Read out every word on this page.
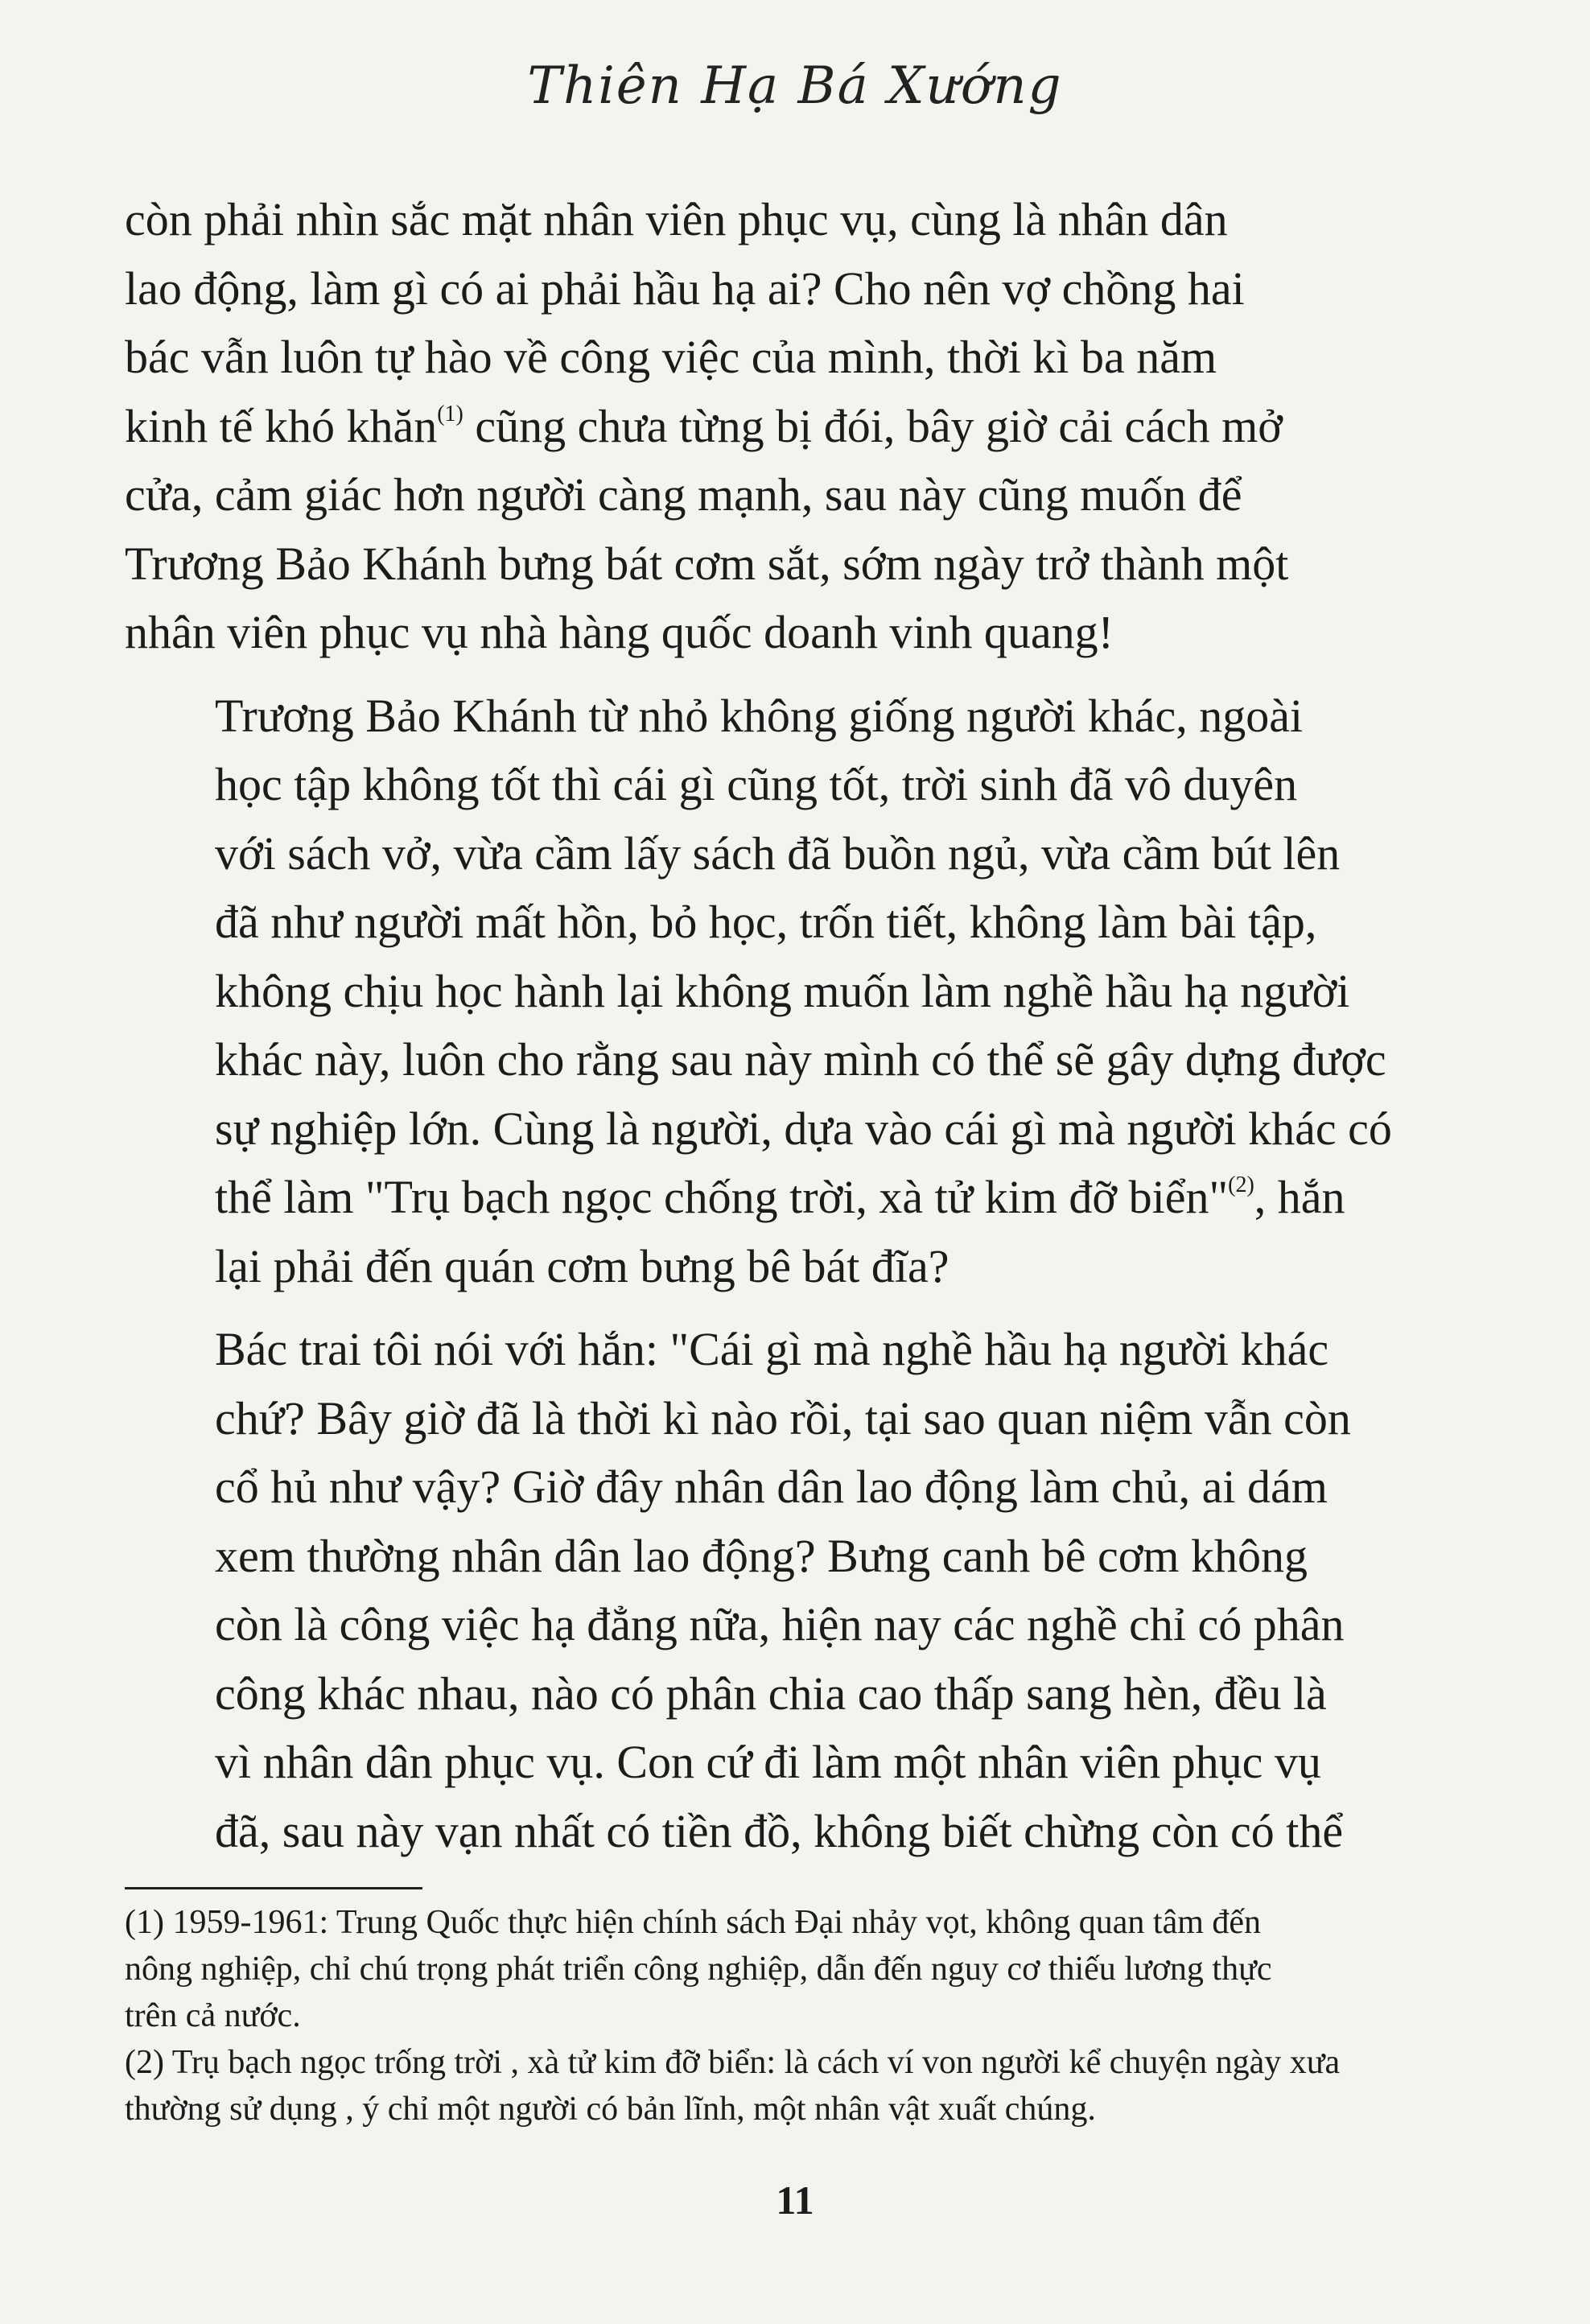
Thiên Hạ Bá Xướng

còn phải nhìn sắc mặt nhân viên phục vụ, cùng là nhân dân
lao động, làm gì có ai phải hầu hạ ai? Cho nên vợ chồng hai
bác vẫn luôn tự hào về công việc của mình, thời kì ba năm
kinh tế khó khăn$^{(1)}$ cũng chưa từng bị đói, bây giờ cải cách mở
cửa, cảm giác hơn người càng mạnh, sau này cũng muốn để
Trương Bảo Khánh bưng bát cơm sắt, sớm ngày trở thành một
nhân viên phục vụ nhà hàng quốc doanh vinh quang!

Trương Bảo Khánh từ nhỏ không giống người khác, ngoài

học tập không tốt thì cái gì cũng tốt, trời sinh đã vô duyên
với sách vở, vừa cầm lấy sách đã buồn ngủ, vừa cầm bút lên
đã như người mất hồn, bỏ học, trốn tiết, không làm bài tập,
không chịu học hành lại không muốn làm nghề hầu hạ người
khác này, luôn cho rằng sau này mình có thể sẽ gây dựng được
sự nghiệp lớn. Cùng là người, dựa vào cái gì mà người khác có
thể làm "Trụ bạch ngọc chống trời, xà tử kim đỡ biển"$^{(2)}$, hắn
lại phải đến quán cơm bưng bê bát đĩa?

Bác trai tôi nói với hắn: "Cái gì mà nghề hầu hạ người khác

chứ? Bây giờ đã là thời kì nào rồi, tại sao quan niệm vẫn còn
cổ hủ như vậy? Giờ đây nhân dân lao động làm chủ, ai dám
xem thường nhân dân lao động? Bưng canh bê cơm không
còn là công việc hạ đẳng nữa, hiện nay các nghề chỉ có phân
công khác nhau, nào có phân chia cao thấp sang hèn, đều là
vì nhân dân phục vụ. Con cứ đi làm một nhân viên phục vụ
đã, sau này vạn nhất có tiền đồ, không biết chừng còn có thể

(1) 1959-1961: Trung Quốc thực hiện chính sách Đại nhảy vọt, không quan tâm đến
nông nghiệp, chỉ chú trọng phát triển công nghiệp, dẫn đến nguy cơ thiếu lương thực
trên cả nước.

(2) Trụ bạch ngọc trống trời , xà tử kim đỡ biển: là cách ví von người kể chuyện ngày xưa
thường sử dụng , ý chỉ một người có bản lĩnh, một nhân vật xuất chúng.

11
